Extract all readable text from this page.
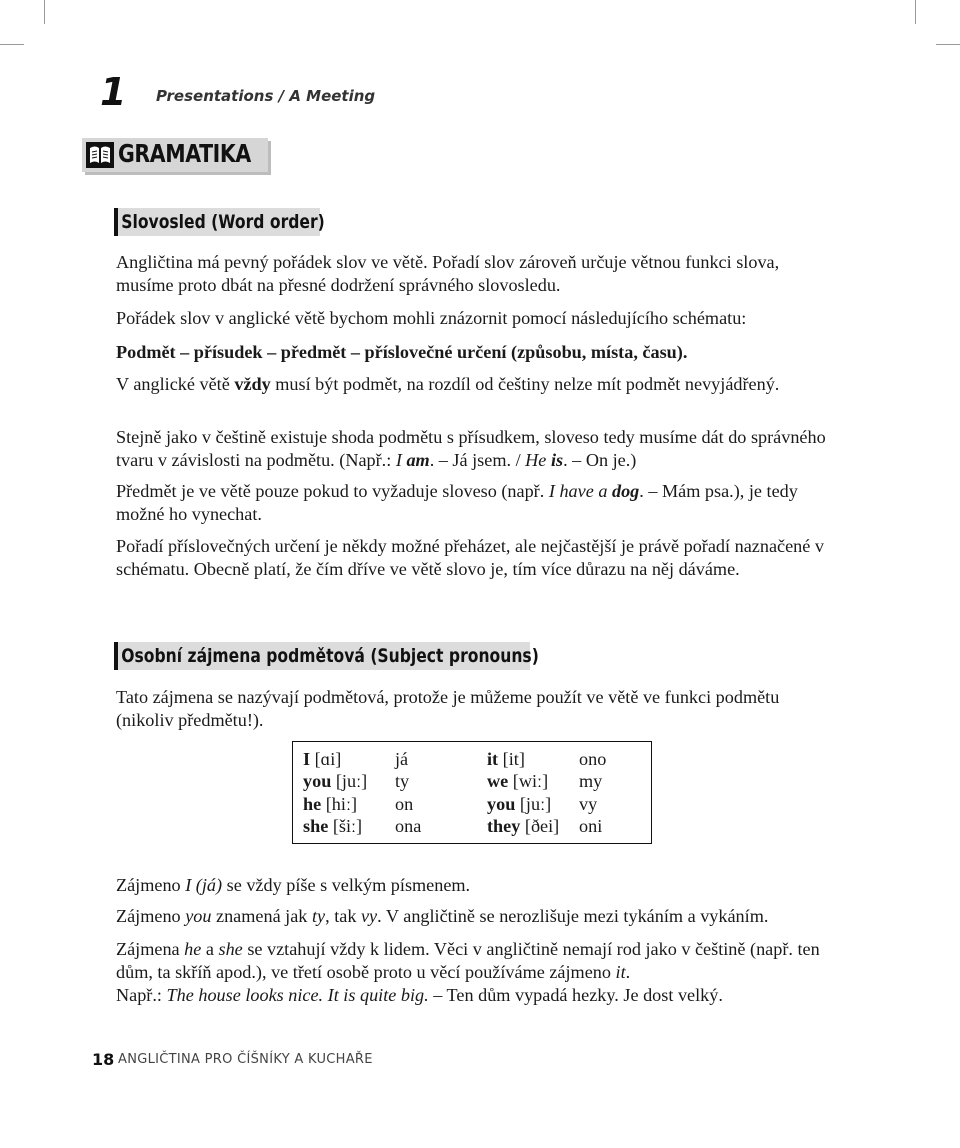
1 Presentations / A Meeting
GRAMATIKA
Slovosled (Word order)
Angličtina má pevný pořádek slov ve větě. Pořadí slov zároveň určuje větnou funkci slova, musíme proto dbát na přesné dodržení správného slovosledu.
Pořádek slov v anglické větě bychom mohli znázornit pomocí následujícího schématu:
Podmět – přísudek – předmět – příslovečné určení (způsobu, místa, času).
V anglické větě vždy musí být podmět, na rozdíl od češtiny nelze mít podmět nevyjádřený.
Stejně jako v češtině existuje shoda podmětu s přísudkem, sloveso tedy musíme dát do správného tvaru v závislosti na podmětu. (Např.: I am. – Já jsem. / He is. – On je.)
Předmět je ve větě pouze pokud to vyžaduje sloveso (např. I have a dog. – Mám psa.), je tedy možné ho vynechat.
Pořadí příslovečných určení je někdy možné přeházet, ale nejčastější je právě pořadí naznačené v schématu. Obecně platí, že čím dříve ve větě slovo je, tím více důrazu na něj dáváme.
Osobní zájmena podmětová (Subject pronouns)
Tato zájmena se nazývají podmětová, protože je můžeme použít ve větě ve funkci podmětu (nikoliv předmětu!).
I [ɑi]	já	it [it]	ono
you [juː]	ty	we [wiː]	my
he [hiː]	on	you [juː]	vy
she [šiː]	ona	they [ðei]	oni
Zájmeno I (já) se vždy píše s velkým písmenem.
Zájmeno you znamená jak ty, tak vy. V angličtině se nerozlišuje mezi tykáním a vykáním.
Zájmena he a she se vztahují vždy k lidem. Věci v angličtině nemají rod jako v češtině (např. ten dům, ta skříň apod.), ve třetí osobě proto u věcí používáme zájmeno it.
Např.: The house looks nice. It is quite big. – Ten dům vypadá hezky. Je dost velký.
18 ANGLIČTINA PRO ČÍŠNÍKY A KUCHAŘE
